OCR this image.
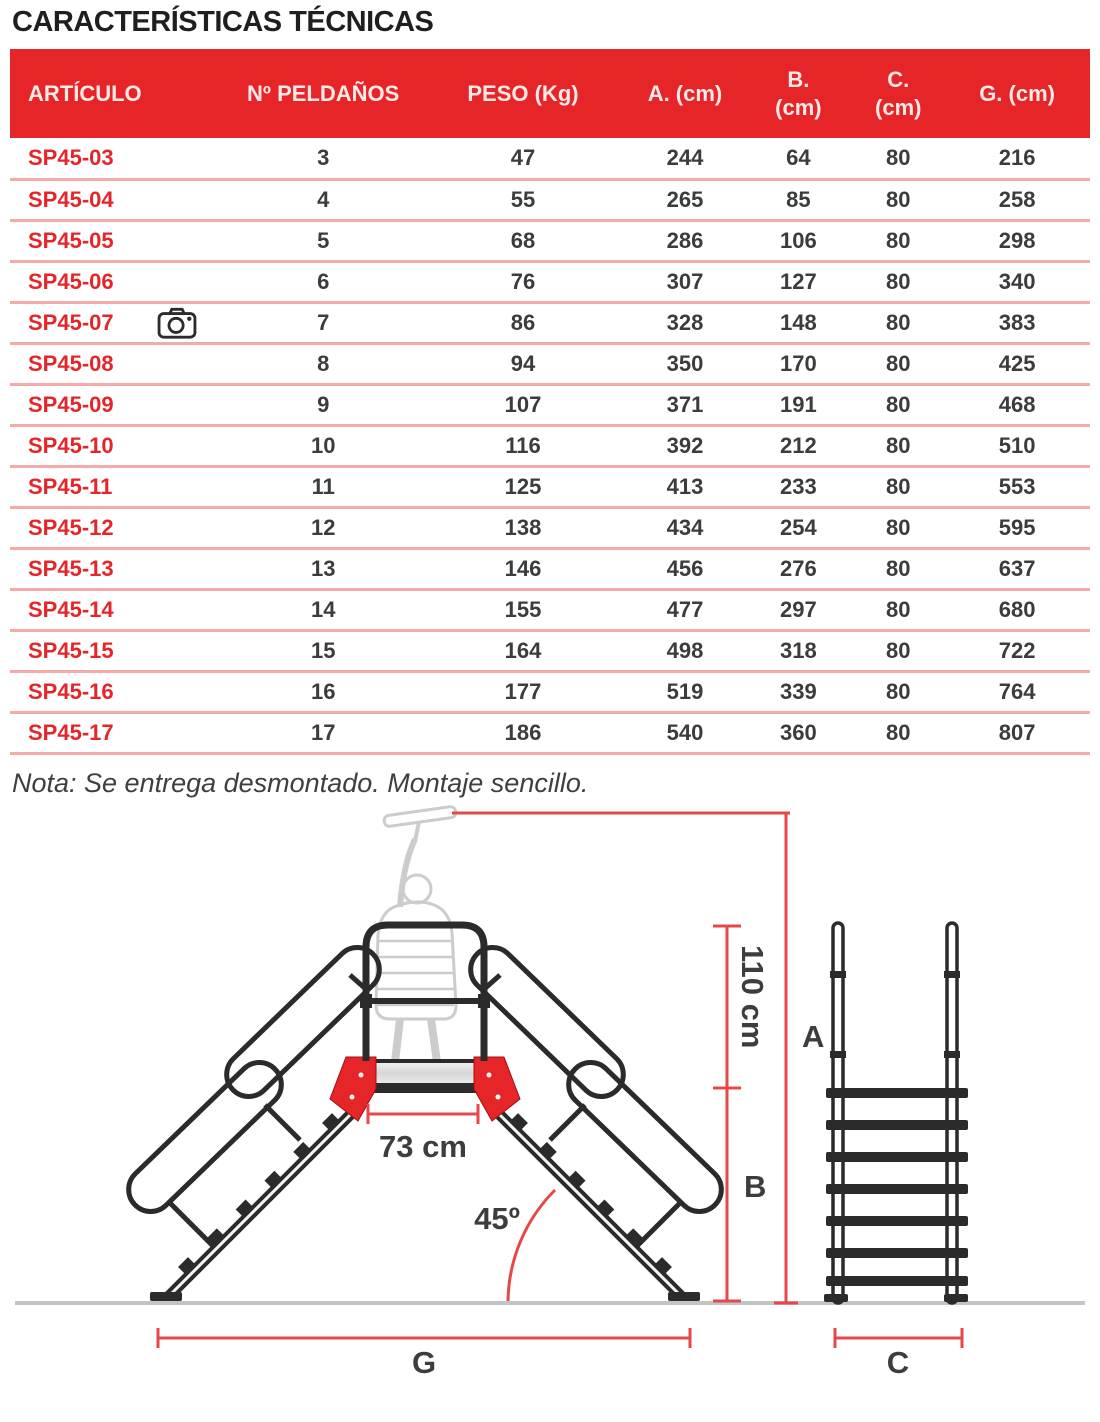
CARACTERÍSTICAS TÉCNICAS
ARTÍCULO	Nº PELDAÑOS	PESO (Kg)	A. (cm)	B. (cm)	C. (cm)	G. (cm)

SP45-03	3	47	244	64	80	216

SP45-04	4	55	265	85	80	258

SP45-05	5	68	286	106	80	298

SP45-06	6	76	307	127	80	340

SP45-07	7	86	328	148	80	383

SP45-08	8	94	350	170	80	425

SP45-09	9	107	371	191	80	468

SP45-10	10	116	392	212	80	510

SP45-11	11	125	413	233	80	553

SP45-12	12	138	434	254	80	595

SP45-13	13	146	456	276	80	637

SP45-14	14	155	477	297	80	680

SP45-15	15	164	498	318	80	722

SP45-16	16	177	519	339	80	764

SP45-17	17	186	540	360	80	807

Nota: Se entrega desmontado. Montaje sencillo.

A
110 cm
B
73 cm
45º
G	C
